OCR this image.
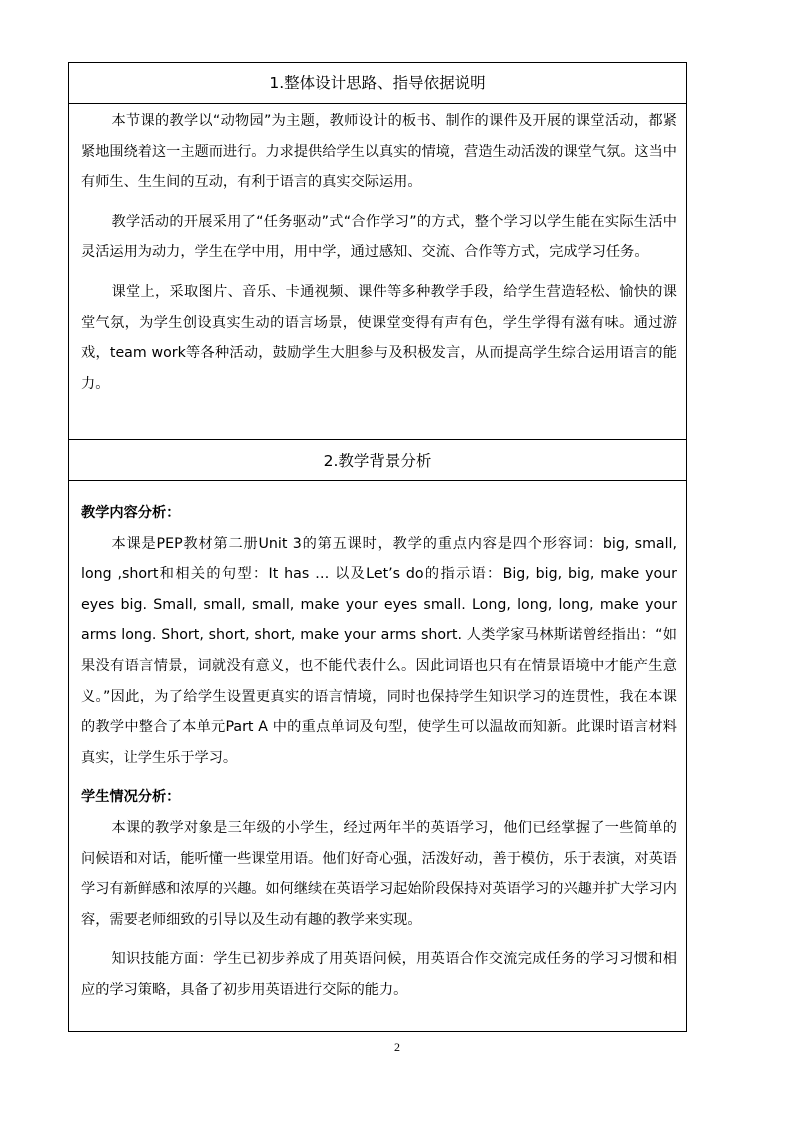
1.整体设计思路、指导依据说明

本节课的教学以“动物园”为主题，教师设计的板书、制作的课件及开展的课堂活动，都紧紧地围绕着这一主题而进行。力求提供给学生以真实的情境，营造生动活泼的课堂气氛。这当中有师生、生生间的互动，有利于语言的真实交际运用。

教学活动的开展采用了“任务驱动”式“合作学习”的方式，整个学习以学生能在实际生活中灵活运用为动力，学生在学中用，用中学，通过感知、交流、合作等方式，完成学习任务。

课堂上，采取图片、音乐、卡通视频、课件等多种教学手段，给学生营造轻松、愉快的课堂气氛，为学生创设真实生动的语言场景，使课堂变得有声有色，学生学得有滋有味。通过游戏，team work等各种活动，鼓励学生大胆参与及积极发言，从而提高学生综合运用语言的能力。

2.教学背景分析

教学内容分析：

本课是PEP教材第二册Unit 3的第五课时，教学的重点内容是四个形容词：big, small, long ,short和相关的句型：It has … 以及Let’s do的指示语：Big, big, big, make your eyes big. Small, small, small, make your eyes small. Long, long, long, make your arms long. Short, short, short, make your arms short. 人类学家马林斯诺曾经指出：“如果没有语言情景，词就没有意义，也不能代表什么。因此词语也只有在情景语境中才能产生意义。”因此，为了给学生设置更真实的语言情境，同时也保持学生知识学习的连贯性，我在本课的教学中整合了本单元Part A 中的重点单词及句型，使学生可以温故而知新。此课时语言材料真实，让学生乐于学习。

学生情况分析：

本课的教学对象是三年级的小学生，经过两年半的英语学习，他们已经掌握了一些简单的问候语和对话，能听懂一些课堂用语。他们好奇心强，活泼好动，善于模仿，乐于表演，对英语学习有新鲜感和浓厚的兴趣。如何继续在英语学习起始阶段保持对英语学习的兴趣并扩大学习内容，需要老师细致的引导以及生动有趣的教学来实现。

知识技能方面：学生已初步养成了用英语问候，用英语合作交流完成任务的学习习惯和相应的学习策略，具备了初步用英语进行交际的能力。

2
